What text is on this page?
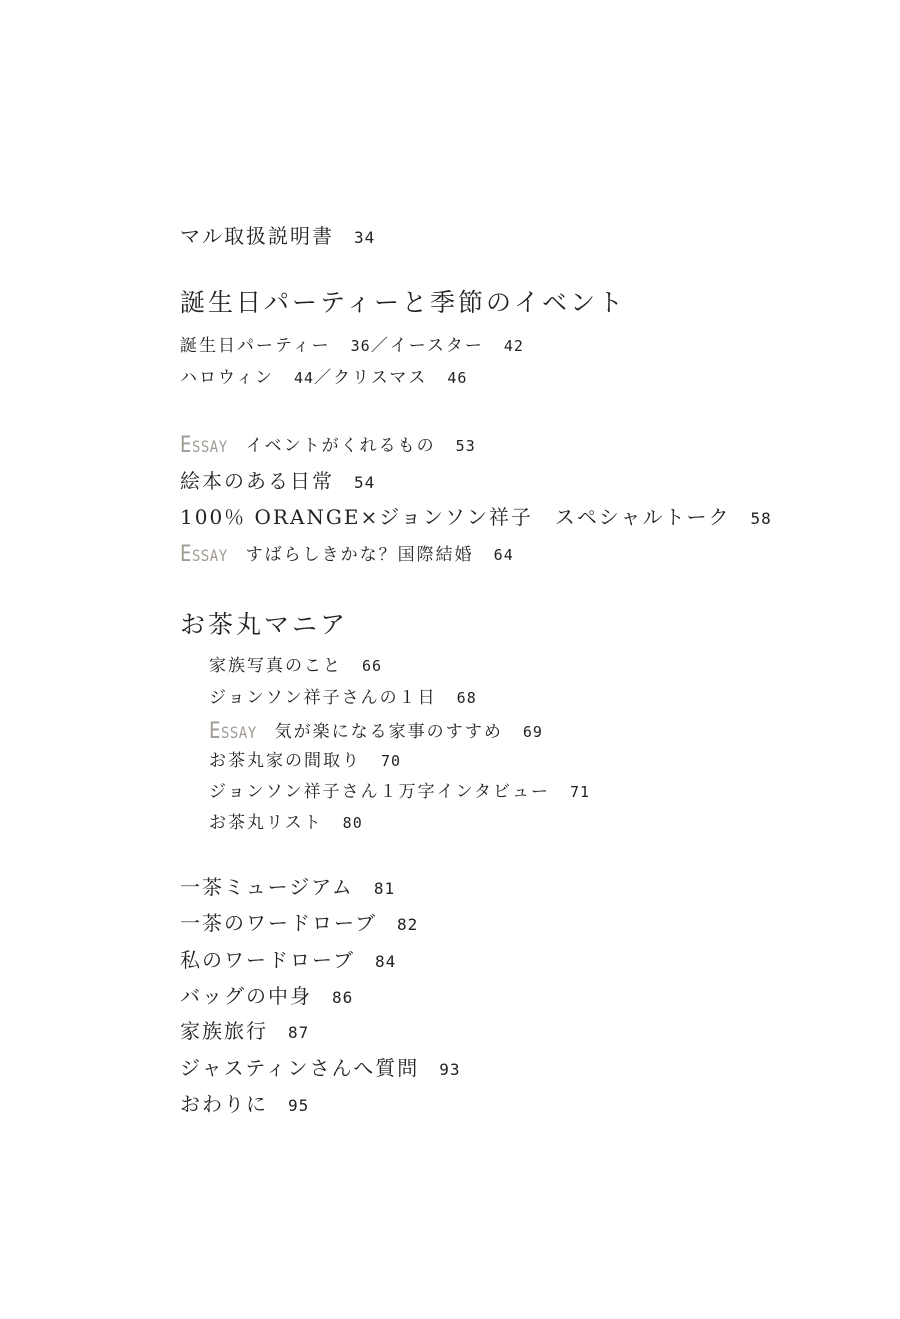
マル取扱説明書 34
誕生日パーティーと季節のイベント
誕生日パーティー 36／イースター 42
ハロウィン 44／クリスマス 46
ESSAY イベントがくれるもの 53
絵本のある日常 54
100％ ORANGE×ジョンソン祥子　スペシャルトーク 58
ESSAY すばらしきかな？国際結婚 64
お茶丸マニア
家族写真のこと 66
ジョンソン祥子さんの１日 68
ESSAY 気が楽になる家事のすすめ 69
お茶丸家の間取り 70
ジョンソン祥子さん１万字インタビュー 71
お茶丸リスト 80
一茶ミュージアム 81
一茶のワードローブ 82
私のワードローブ 84
バッグの中身 86
家族旅行 87
ジャスティンさんへ質問 93
おわりに 95
